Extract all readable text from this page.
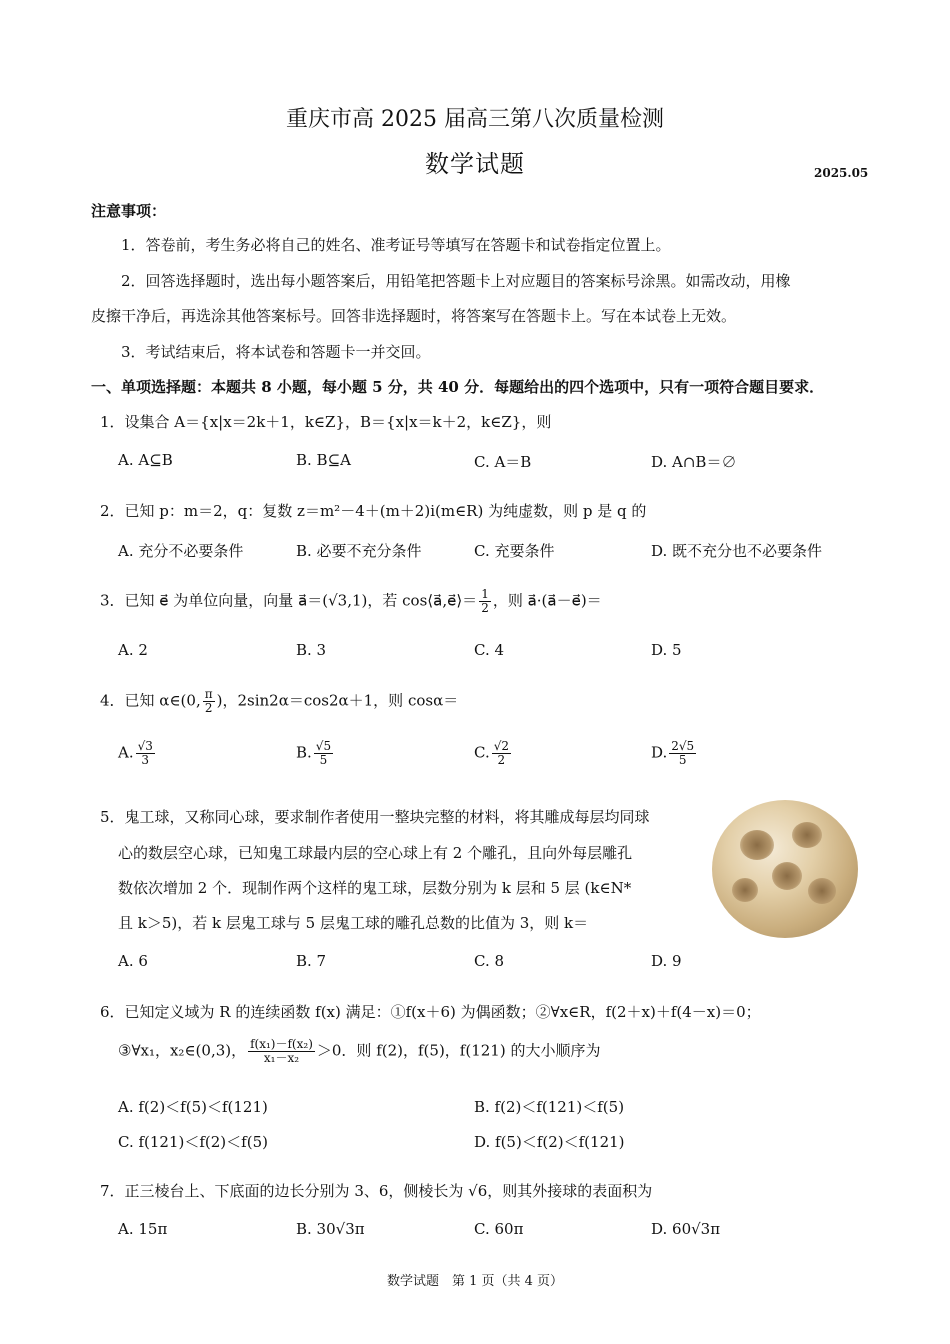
重庆市高 2025 届高三第八次质量检测
数学试题	2025.05
注意事项：
1．答卷前，考生务必将自己的姓名、准考证号等填写在答题卡和试卷指定位置上。
2．回答选择题时，选出每小题答案后，用铅笔把答题卡上对应题目的答案标号涂黑。如需改动，用橡
皮擦干净后，再选涂其他答案标号。回答非选择题时，将答案写在答题卡上。写在本试卷上无效。
3．考试结束后，将本试卷和答题卡一并交回。
一、单项选择题：本题共 8 小题，每小题 5 分，共 40 分．每题给出的四个选项中，只有一项符合题目要求．
1．设集合 A＝{x|x＝2k＋1，k∈Z}，B＝{x|x＝k＋2，k∈Z}，则
A. A⊆B	B. B⊆A	C. A＝B	D. A∩B＝∅
2．已知 p：m＝2，q：复数 z＝m²－4＋(m＋2)i(m∈R) 为纯虚数，则 p 是 q 的
A. 充分不必要条件	B. 必要不充分条件	C. 充要条件	D. 既不充分也不必要条件
3．已知 e⃗ 为单位向量，向量 a⃗＝(√3,1)，若 cos⟨a⃗,e⃗⟩＝ $\frac{1}{2}$ ，则 a⃗·(a⃗－e⃗)＝
A. 2	B. 3	C. 4	D. 5
4．已知 α∈(0, $\frac{\pi}{2}$ )，2sin2α＝cos2α＋1，则 cosα＝
A. $\frac{√3}{3}$	B. $\frac{√5}{5}$	C. $\frac{√2}{2}$	D. $\frac{2√5}{5}$
5．鬼工球，又称同心球，要求制作者使用一整块完整的材料，将其雕成每层均同球
心的数层空心球，已知鬼工球最内层的空心球上有 2 个雕孔，且向外每层雕孔
数依次增加 2 个．现制作两个这样的鬼工球，层数分别为 k 层和 5 层 (k∈N*
且 k＞5)，若 k 层鬼工球与 5 层鬼工球的雕孔总数的比值为 3，则 k＝
A. 6	B. 7	C. 8	D. 9
6．已知定义域为 R 的连续函数 f(x) 满足：①f(x＋6) 为偶函数；②∀x∈R，f(2＋x)＋f(4－x)＝0；
③∀x₁，x₂∈(0,3)， $\frac{\text{f(x₁)－f(x₂)}}{\text{x₁－x₂}} >0$．则 f(2)，f(5)，f(121) 的大小顺序为
A. f(2)＜f(5)＜f(121)	B. f(2)＜f(121)＜f(5)
C. f(121)＜f(2)＜f(5)	D. f(5)＜f(2)＜f(121)
7．正三棱台上、下底面的边长分别为 3、6，侧棱长为 √6，则其外接球的表面积为
A. 15π	B. 30√3π	C. 60π	D. 60√3π
数学试题　第 1 页（共 4 页）
